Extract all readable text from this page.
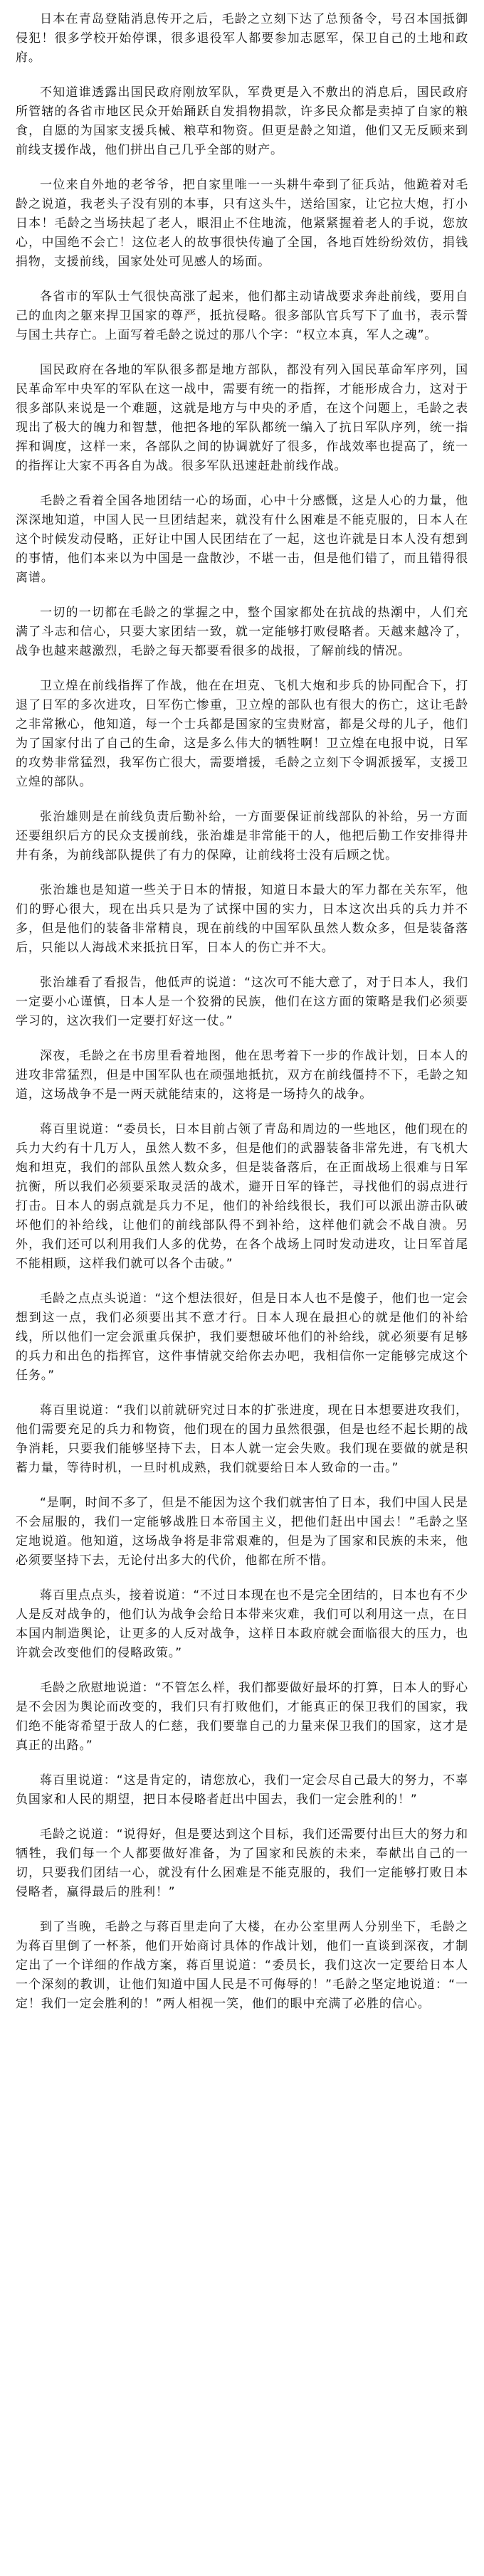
日本在青岛登陆消息传开之后，毛龄之立刻下达了总预备令，号召本国抵御侵犯！很多学校开始停课，很多退役军人都要参加志愿军，保卫自己的土地和政府。

不知道谁透露出国民政府刚放军队，军费更是入不敷出的消息后，国民政府所管辖的各省市地区民众开始踊跃自发捐物捐款，许多民众都是卖掉了自家的粮食，自愿的为国家支援兵械、粮草和物资。但更是龄之知道，他们又无反顾来到前线支援作战，他们拼出自己几乎全部的财产。

一位来自外地的老爷爷，把自家里唯一一头耕牛牵到了征兵站，他跪着对毛龄之说道，我老头子没有别的本事，只有这头牛，送给国家，让它拉大炮，打小日本！毛龄之当场扶起了老人，眼泪止不住地流，他紧紧握着老人的手说，您放心，中国绝不会亡！这位老人的故事很快传遍了全国，各地百姓纷纷效仿，捐钱捐物，支援前线，国家处处可见感人的场面。

各省市的军队士气很快高涨了起来，他们都主动请战要求奔赴前线，要用自己的血肉之躯来捍卫国家的尊严，抵抗侵略。很多部队官兵写下了血书，表示誓与国土共存亡。上面写着毛龄之说过的那八个字：“权立本真，军人之魂”。

国民政府在各地的军队很多都是地方部队，都没有列入国民革命军序列，国民革命军中央军的军队在这一战中，需要有统一的指挥，才能形成合力，这对于很多部队来说是一个难题，这就是地方与中央的矛盾，在这个问题上，毛龄之表现出了极大的魄力和智慧，他把各地的军队都统一编入了抗日军队序列，统一指挥和调度，这样一来，各部队之间的协调就好了很多，作战效率也提高了，统一的指挥让大家不再各自为战。很多军队迅速赶赴前线作战。

毛龄之看着全国各地团结一心的场面，心中十分感慨，这是人心的力量，他深深地知道，中国人民一旦团结起来，就没有什么困难是不能克服的，日本人在这个时候发动侵略，正好让中国人民团结在了一起，这也许就是日本人没有想到的事情，他们本来以为中国是一盘散沙，不堪一击，但是他们错了，而且错得很离谱。

一切的一切都在毛龄之的掌握之中，整个国家都处在抗战的热潮中，人们充满了斗志和信心，只要大家团结一致，就一定能够打败侵略者。天越来越冷了，战争也越来越激烈，毛龄之每天都要看很多的战报，了解前线的情况。

卫立煌在前线指挥了作战，他在在坦克、飞机大炮和步兵的协同配合下，打退了日军的多次进攻，日军伤亡惨重，卫立煌的部队也有很大的伤亡，这让毛龄之非常揪心，他知道，每一个士兵都是国家的宝贵财富，都是父母的儿子，他们为了国家付出了自己的生命，这是多么伟大的牺牲啊！卫立煌在电报中说，日军的攻势非常猛烈，我军伤亡很大，需要增援，毛龄之立刻下令调派援军，支援卫立煌的部队。

张治雄则是在前线负责后勤补给，一方面要保证前线部队的补给，另一方面还要组织后方的民众支援前线，张治雄是非常能干的人，他把后勤工作安排得井井有条，为前线部队提供了有力的保障，让前线将士没有后顾之忧。

张治雄也是知道一些关于日本的情报，知道日本最大的军力都在关东军，他们的野心很大，现在出兵只是为了试探中国的实力，日本这次出兵的兵力并不多，但是他们的装备非常精良，现在前线的中国军队虽然人数众多，但是装备落后，只能以人海战术来抵抗日军，日本人的伤亡并不大。

张治雄看了看报告，他低声的说道：“这次可不能大意了，对于日本人，我们一定要小心谨慎，日本人是一个狡猾的民族，他们在这方面的策略是我们必须要学习的，这次我们一定要打好这一仗。”

深夜，毛龄之在书房里看着地图，他在思考着下一步的作战计划，日本人的进攻非常猛烈，但是中国军队也在顽强地抵抗，双方在前线僵持不下，毛龄之知道，这场战争不是一两天就能结束的，这将是一场持久的战争。

蒋百里说道：“委员长，日本目前占领了青岛和周边的一些地区，他们现在的兵力大约有十几万人，虽然人数不多，但是他们的武器装备非常先进，有飞机大炮和坦克，我们的部队虽然人数众多，但是装备落后，在正面战场上很难与日军抗衡，所以我们必须要采取灵活的战术，避开日军的锋芒，寻找他们的弱点进行打击。日本人的弱点就是兵力不足，他们的补给线很长，我们可以派出游击队破坏他们的补给线，让他们的前线部队得不到补给，这样他们就会不战自溃。另外，我们还可以利用我们人多的优势，在各个战场上同时发动进攻，让日军首尾不能相顾，这样我们就可以各个击破。”

毛龄之点点头说道：“这个想法很好，但是日本人也不是傻子，他们也一定会想到这一点，我们必须要出其不意才行。日本人现在最担心的就是他们的补给线，所以他们一定会派重兵保护，我们要想破坏他们的补给线，就必须要有足够的兵力和出色的指挥官，这件事情就交给你去办吧，我相信你一定能够完成这个任务。”

蒋百里说道：“我们以前就研究过日本的扩张进度，现在日本想要进攻我们，他们需要充足的兵力和物资，他们现在的国力虽然很强，但是也经不起长期的战争消耗，只要我们能够坚持下去，日本人就一定会失败。我们现在要做的就是积蓄力量，等待时机，一旦时机成熟，我们就要给日本人致命的一击。”

“是啊，时间不多了，但是不能因为这个我们就害怕了日本，我们中国人民是不会屈服的，我们一定能够战胜日本帝国主义，把他们赶出中国去！”毛龄之坚定地说道。他知道，这场战争将是非常艰难的，但是为了国家和民族的未来，他必须要坚持下去，无论付出多大的代价，他都在所不惜。

蒋百里点点头，接着说道：“不过日本现在也不是完全团结的，日本也有不少人是反对战争的，他们认为战争会给日本带来灾难，我们可以利用这一点，在日本国内制造舆论，让更多的人反对战争，这样日本政府就会面临很大的压力，也许就会改变他们的侵略政策。”

毛龄之欣慰地说道：“不管怎么样，我们都要做好最坏的打算，日本人的野心是不会因为舆论而改变的，我们只有打败他们，才能真正的保卫我们的国家，我们绝不能寄希望于敌人的仁慈，我们要靠自己的力量来保卫我们的国家，这才是真正的出路。”

蒋百里说道：“这是肯定的，请您放心，我们一定会尽自己最大的努力，不辜负国家和人民的期望，把日本侵略者赶出中国去，我们一定会胜利的！”

毛龄之说道：“说得好，但是要达到这个目标，我们还需要付出巨大的努力和牺牲，我们每一个人都要做好准备，为了国家和民族的未来，奉献出自己的一切，只要我们团结一心，就没有什么困难是不能克服的，我们一定能够打败日本侵略者，赢得最后的胜利！”

到了当晚，毛龄之与蒋百里走向了大楼，在办公室里两人分别坐下，毛龄之为蒋百里倒了一杯茶，他们开始商讨具体的作战计划，他们一直谈到深夜，才制定出了一个详细的作战方案，蒋百里说道：“委员长，我们这次一定要给日本人一个深刻的教训，让他们知道中国人民是不可侮辱的！”毛龄之坚定地说道：“一定！我们一定会胜利的！”两人相视一笑，他们的眼中充满了必胜的信心。
